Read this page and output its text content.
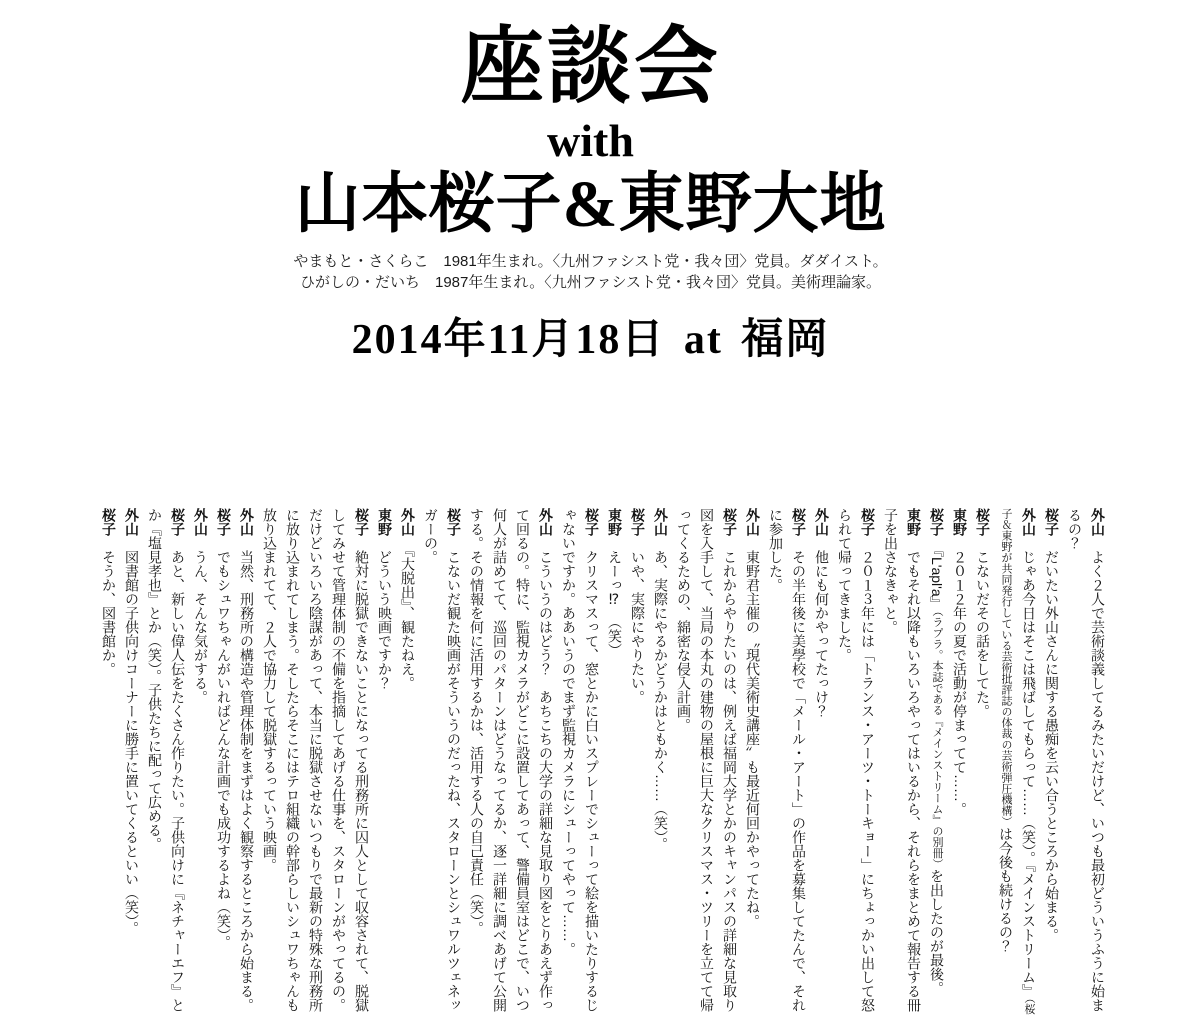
座談会
with
山本桜子&東野大地

やまもと・さくらこ　1981年生まれ。〈九州ファシスト党・我々団〉党員。ダダイスト。

ひがしの・だいち　1987年生まれ。〈九州ファシスト党・我々団〉党員。美術理論家。

2014年11月18日 at 福岡

外山よく２人で芸術談義してるみたいだけど、いつも最初どういうふうに始まるの？

桜子だいたい外山さんに関する愚痴を云い合うところから始まる。

外山じゃあ今日はそこは飛ばしてもらって……（笑）。『メインストリーム』（桜子＆東野が共同発行している芸術批評誌の体裁の芸術弾圧機構）は今後も続けるの？

桜子こないだその話をしてた。

東野２０１２年の夏で活動が停まってて……。

桜子『L'apl'a』（ラプラ。本誌である『メインストリーム』の別冊）を出したのが最後。

東野でもそれ以降もいろいろやってはいるから、それらをまとめて報告する冊子を出さなきゃと。

桜子２０１３年には「トランス・アーツ・トーキョー」にちょっかい出して怒られて帰ってきました。

外山他にも何かやってたっけ？

桜子その半年後に美學校で「メール・アート」の作品を募集してたんで、それに参加した。

外山東野君主催の〝現代美術史講座〟も最近何回かやってたね。

桜子これからやりたいのは、例えば福岡大学とかのキャンパスの詳細な見取り図を入手して、当局の本丸の建物の屋根に巨大なクリスマス・ツリーを立てて帰ってくるための、綿密な侵入計画。

外山あ、実際にやるかどうかはともかく……（笑）。

桜子いや、実際にやりたい。

東野えーっ⁉　（笑）

桜子クリスマスって、窓とかに白いスプレーでシューって絵を描いたりするじゃないですか。ああいうのでまず監視カメラにシューってやって……。

外山こういうのはどう？　あちこちの大学の詳細な見取り図をとりあえず作って回るの。特に、監視カメラがどこに設置してあって、警備員室はどこで、いつ何人が詰めてて、巡回のパターンはどうなってるか、逐一詳細に調べあげて公開する。その情報を何に活用するかは、活用する人の自己責任（笑）。

桜子こないだ観た映画がそういうのだったね、スタローンとシュワルツェネッガーの。

外山『大脱出』、観たねえ。

東野どういう映画ですか？

桜子絶対に脱獄できないことになってる刑務所に囚人として収容されて、脱獄してみせて管理体制の不備を指摘してあげる仕事を、スタローンがやってるの。だけどいろいろ陰謀があって、本当に脱獄させないつもりで最新の特殊な刑務所に放り込まれてしまう。そしたらそこにはテロ組織の幹部らしいシュワちゃんも放り込まれてて、２人で協力して脱獄するっていう映画。

外山当然、刑務所の構造や管理体制をまずはよく観察するところから始まる。

桜子でもシュワちゃんがいればどんな計画でも成功するよね（笑）。

外山うん、そんな気がする。

桜子あと、新しい偉人伝をたくさん作りたい。子供向けに『ネチャーエフ』とか『塩見孝也』とか（笑）。子供たちに配って広める。

外山図書館の子供向けコーナーに勝手に置いてくるといい（笑）。

桜子そうか、図書館か。
